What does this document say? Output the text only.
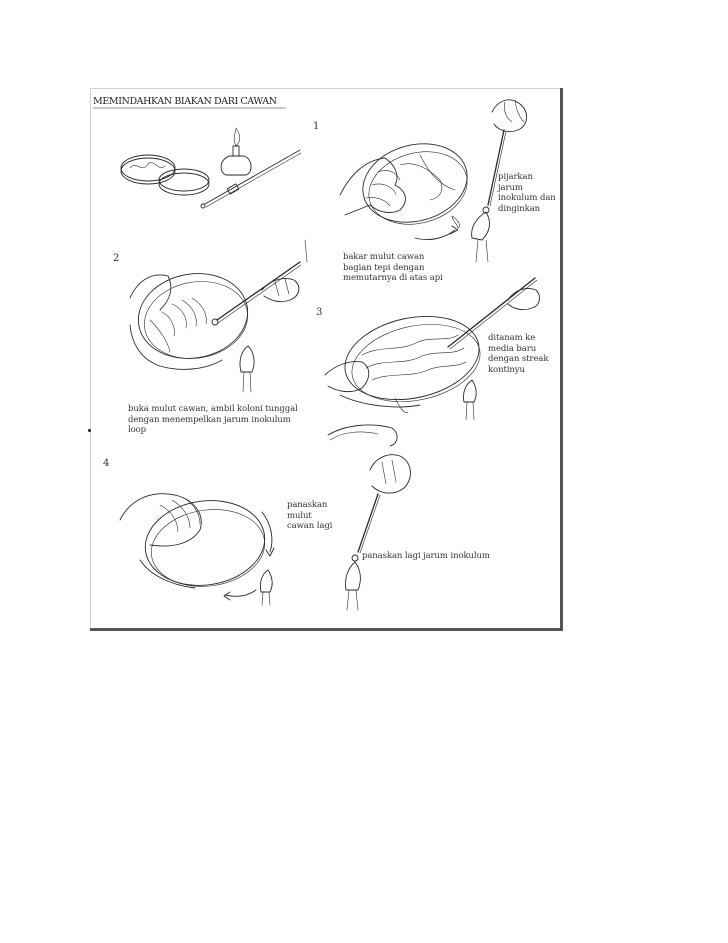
MEMINDAHKAN BIAKAN DARI CAWAN
1
2
3
4
pijarkan
jarum
inokulum dan
dinginkan
bakar mulut cawan
bagian tepi dengan
memutarnya di atas api
ditanam ke
media baru
dengan streak
kontinyu
buka mulut cawan, ambil koloni tunggal
dengan menempelkan jarum inokulum
loop
panaskan
mulut
cawan lagi
panaskan lagi jarum inokulum
